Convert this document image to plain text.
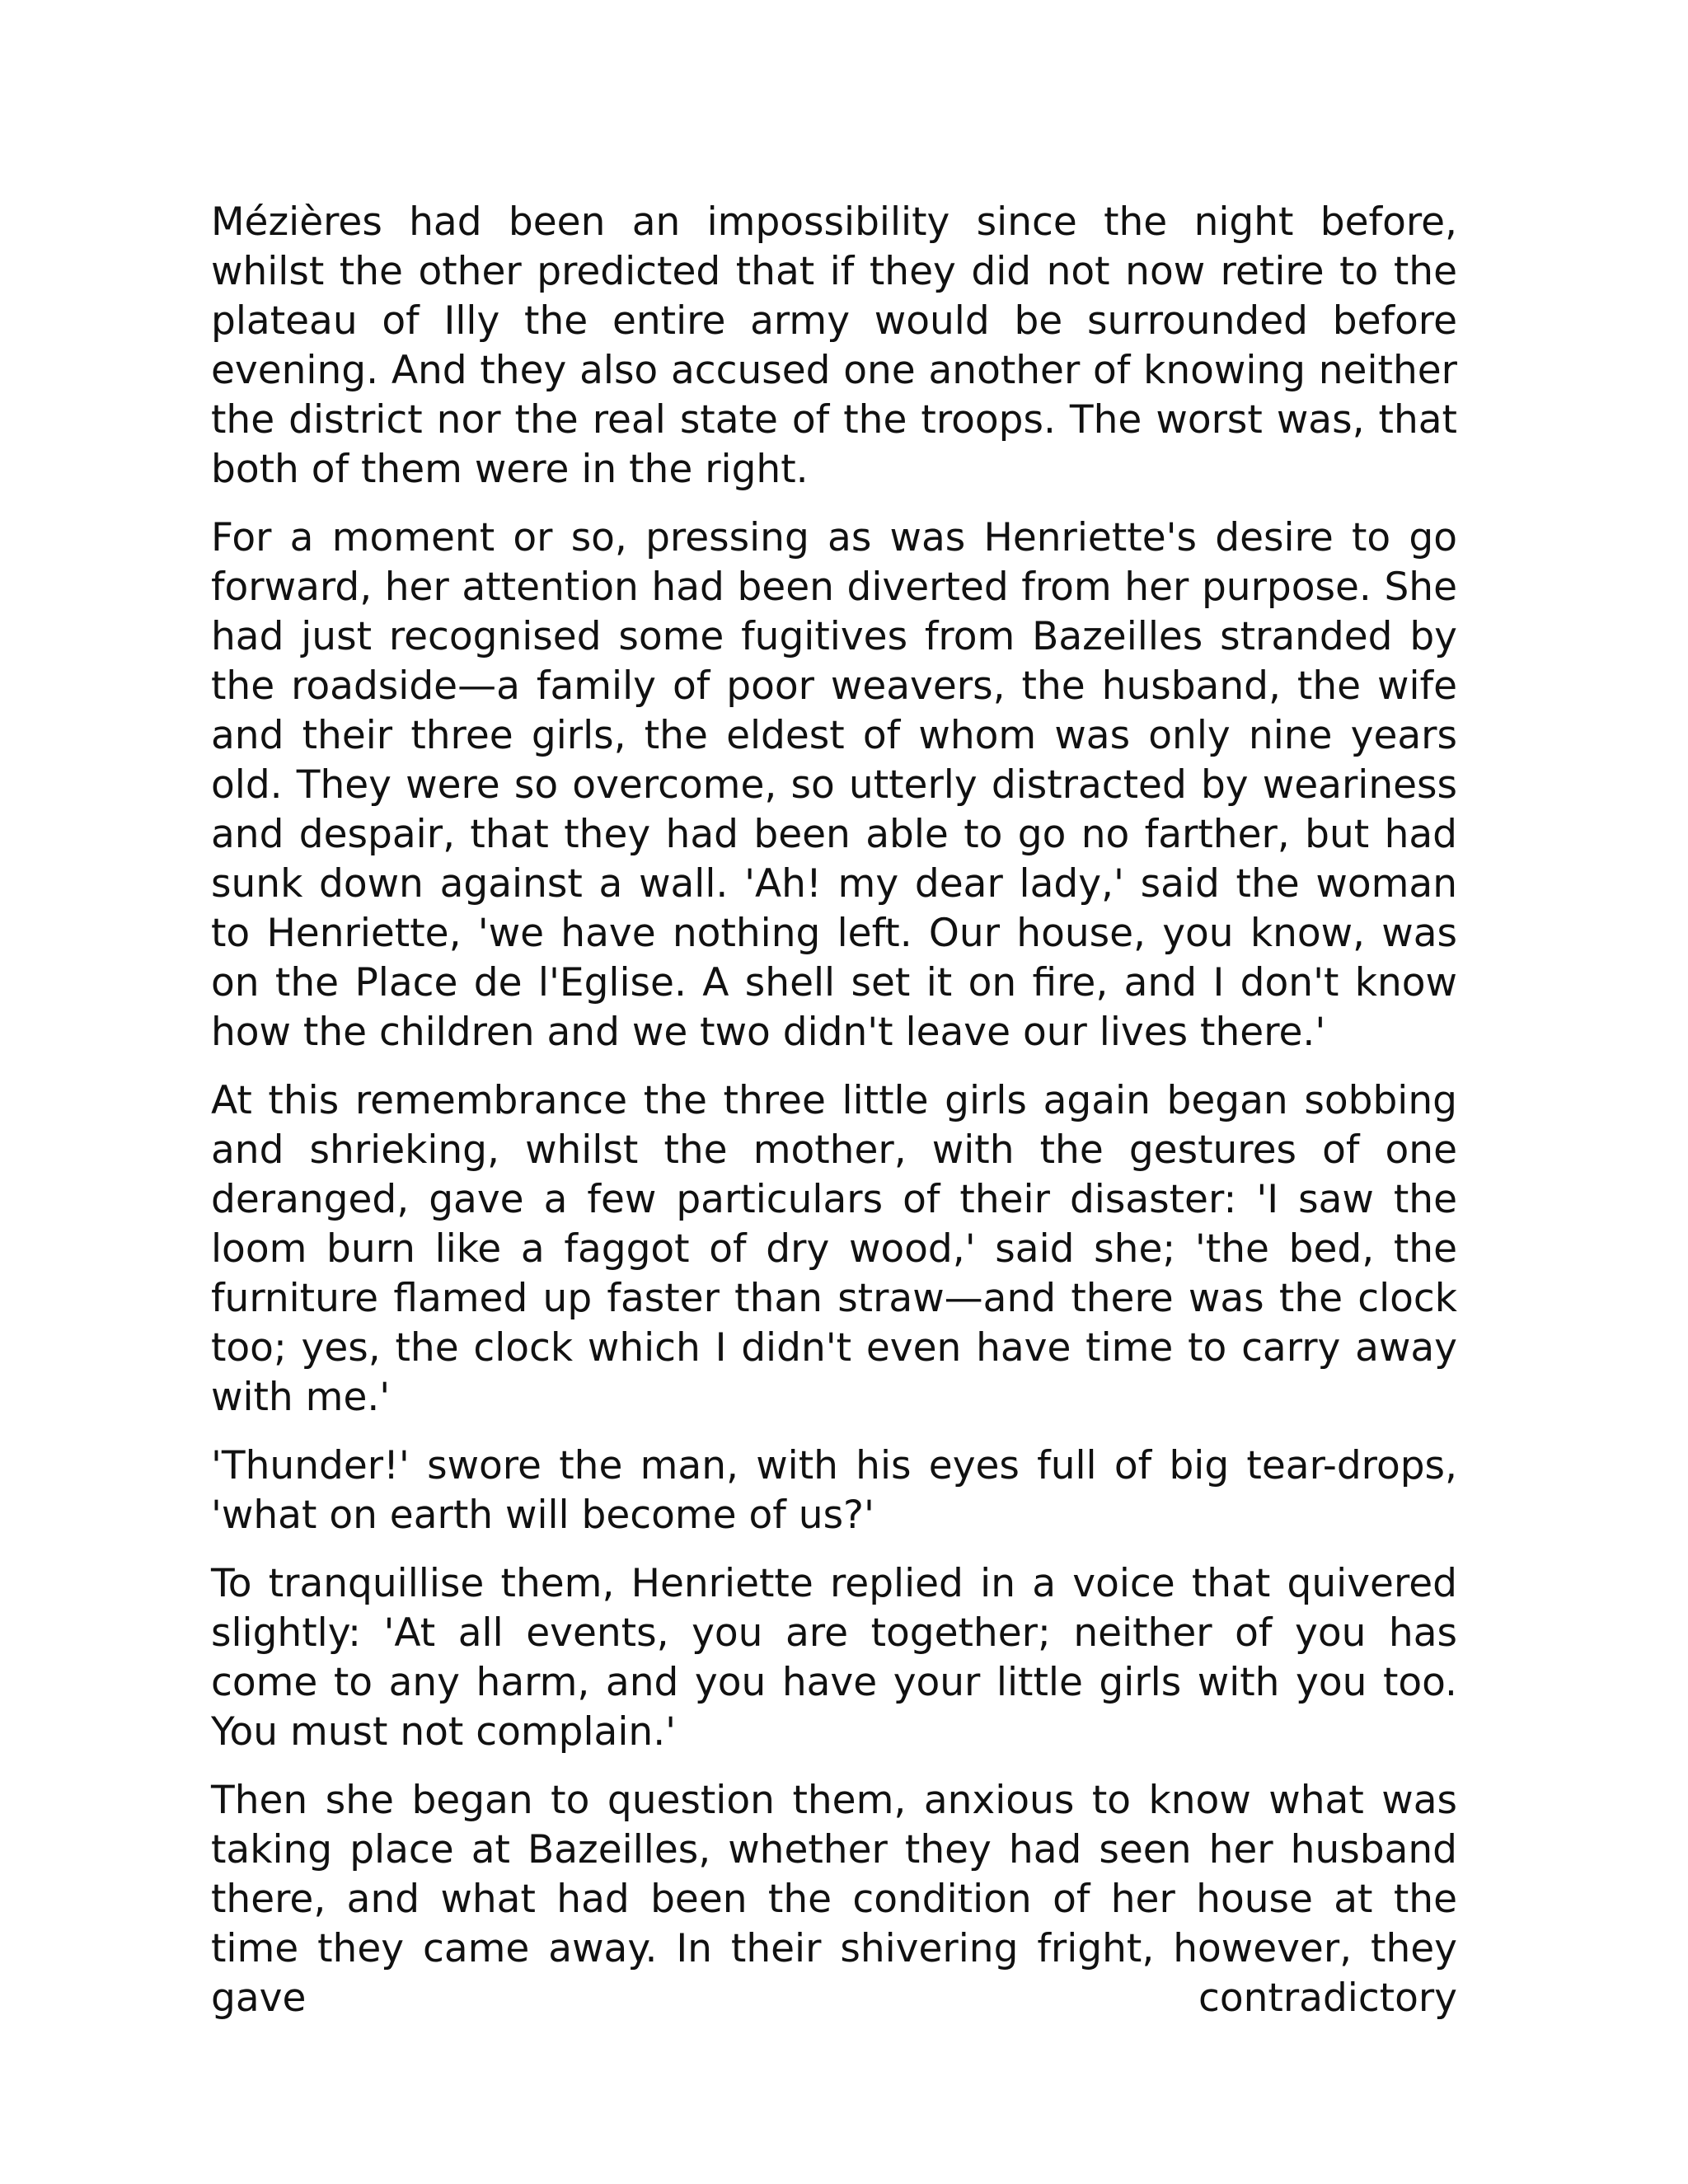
Mézières had been an impossibility since the night before, whilst the other predicted that if they did not now retire to the plateau of Illy the entire army would be surrounded before evening. And they also accused one another of knowing neither the district nor the real state of the troops. The worst was, that both of them were in the right.

For a moment or so, pressing as was Henriette's desire to go forward, her attention had been diverted from her purpose. She had just recognised some fugitives from Bazeilles stranded by the roadside—a family of poor weavers, the husband, the wife and their three girls, the eldest of whom was only nine years old. They were so overcome, so utterly distracted by weariness and despair, that they had been able to go no farther, but had sunk down against a wall. 'Ah! my dear lady,' said the woman to Henriette, 'we have nothing left. Our house, you know, was on the Place de l'Eglise. A shell set it on fire, and I don't know how the children and we two didn't leave our lives there.'

At this remembrance the three little girls again began sobbing and shrieking, whilst the mother, with the gestures of one deranged, gave a few particulars of their disaster: 'I saw the loom burn like a faggot of dry wood,' said she; 'the bed, the furniture flamed up faster than straw—and there was the clock too; yes, the clock which I didn't even have time to carry away with me.'

'Thunder!' swore the man, with his eyes full of big tear-drops, 'what on earth will become of us?'

To tranquillise them, Henriette replied in a voice that quivered slightly: 'At all events, you are together; neither of you has come to any harm, and you have your little girls with you too. You must not complain.'

Then she began to question them, anxious to know what was taking place at Bazeilles, whether they had seen her husband there, and what had been the condition of her house at the time they came away. In their shivering fright, however, they gave contradictory
